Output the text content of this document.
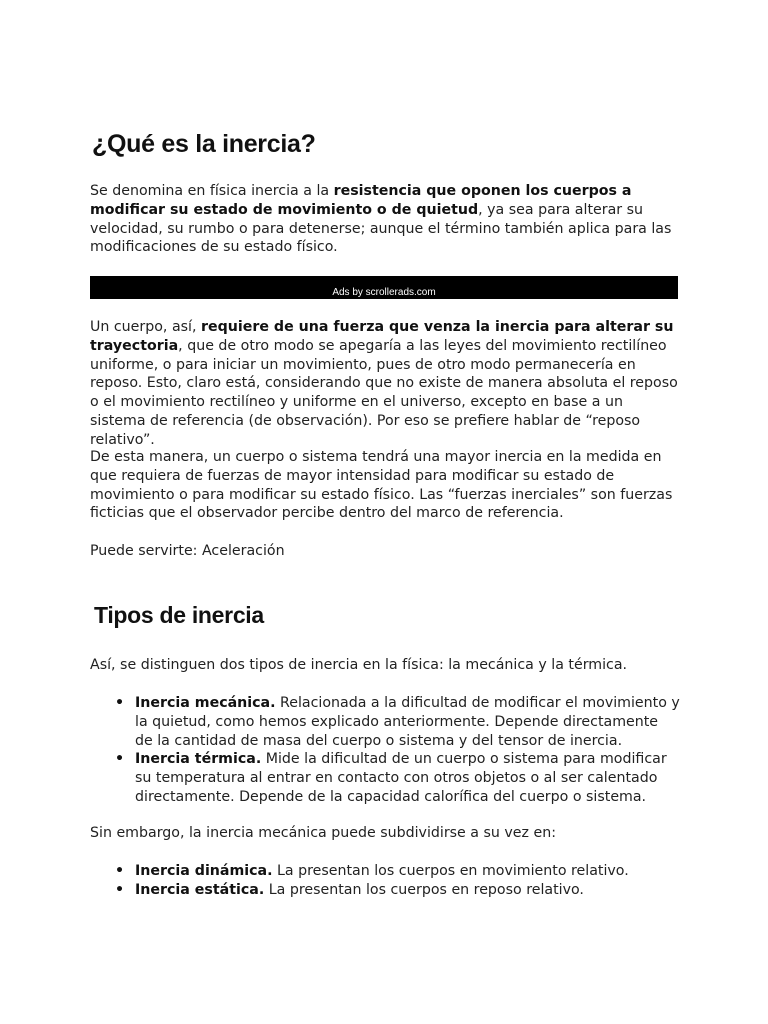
¿Qué es la inercia?

Se denomina en física inercia a la resistencia que oponen los cuerpos a modificar su estado de movimiento o de quietud, ya sea para alterar su velocidad, su rumbo o para detenerse; aunque el término también aplica para las modificaciones de su estado físico.

Ads by scrollerads.com

Un cuerpo, así, requiere de una fuerza que venza la inercia para alterar su trayectoria, que de otro modo se apegaría a las leyes del movimiento rectilíneo uniforme, o para iniciar un movimiento, pues de otro modo permanecería en reposo. Esto, claro está, considerando que no existe de manera absoluta el reposo o el movimiento rectilíneo y uniforme en el universo, excepto en base a un sistema de referencia (de observación). Por eso se prefiere hablar de “reposo relativo”.

De esta manera, un cuerpo o sistema tendrá una mayor inercia en la medida en que requiera de fuerzas de mayor intensidad para modificar su estado de movimiento o para modificar su estado físico. Las “fuerzas inerciales” son fuerzas ficticias que el observador percibe dentro del marco de referencia.

Puede servirte: Aceleración

Tipos de inercia

Así, se distinguen dos tipos de inercia en la física: la mecánica y la térmica.

• Inercia mecánica. Relacionada a la dificultad de modificar el movimiento y la quietud, como hemos explicado anteriormente. Depende directamente de la cantidad de masa del cuerpo o sistema y del tensor de inercia.
• Inercia térmica. Mide la dificultad de un cuerpo o sistema para modificar su temperatura al entrar en contacto con otros objetos o al ser calentado directamente. Depende de la capacidad calorífica del cuerpo o sistema.

Sin embargo, la inercia mecánica puede subdividirse a su vez en:

• Inercia dinámica. La presentan los cuerpos en movimiento relativo.
• Inercia estática. La presentan los cuerpos en reposo relativo.
